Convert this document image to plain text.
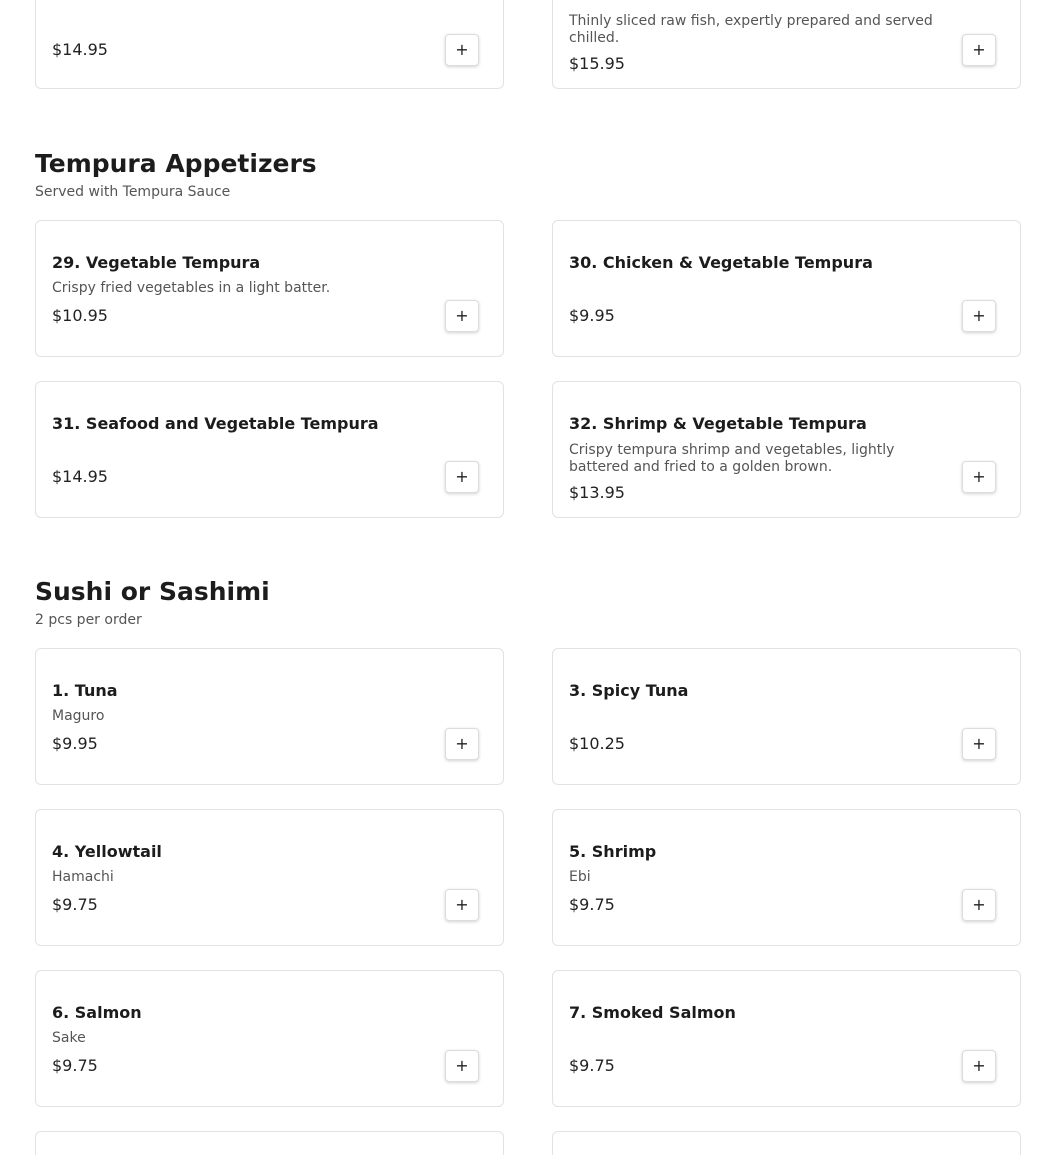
$14.95	+
Thinly sliced raw fish, expertly prepared and served chilled.
$15.95
+
Tempura Appetizers

Served with Tempura Sauce

29. Vegetable Tempura
Crispy fried vegetables in a light batter.
$10.95	+
30. Chicken & Vegetable Tempura
$9.95	+
31. Seafood and Vegetable Tempura
$14.95	+
32. Shrimp & Vegetable Tempura
Crispy tempura shrimp and vegetables, lightly battered and fried to a golden brown.
$13.95
+
Sushi or Sashimi

2 pcs per order

1. Tuna
Maguro
$9.95	+
3. Spicy Tuna
$10.25	+
4. Yellowtail
Hamachi
$9.75	+
5. Shrimp
Ebi
$9.75	+
6. Salmon
Sake
$9.75	+
7. Smoked Salmon
$9.75	+
